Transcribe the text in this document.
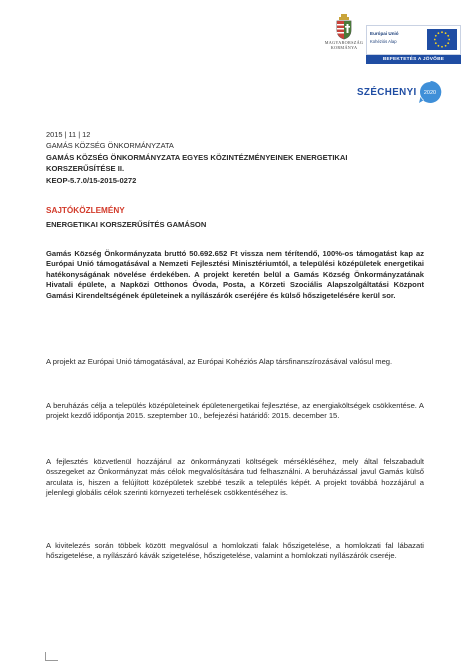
MAGYARORSZÁG
KORMÁNYA
Európai Unió
Kohéziós Alap
BEFEKTETÉS A JÖVŐBE
SZÉCHENYI 2020

2015 | 11 | 12

GAMÁS KÖZSÉG ÖNKORMÁNYZATA

GAMÁS KÖZSÉG ÖNKORMÁNYZATA EGYES KÖZINTÉZMÉNYEINEK ENERGETIKAI

KORSZERŰSÍTÉSE II.

KEOP-5.7.0/15-2015-0272

SAJTÓKÖZLEMÉNY

ENERGETIKAI KORSZERŰSÍTÉS GAMÁSON

Gamás Község Önkormányzata bruttó 50.692.652 Ft vissza nem térítendő, 100%-os támogatást kap az Európai Unió támogatásával a Nemzeti Fejlesztési Minisztériumtól, a települési középületek energetikai hatékonyságának növelése érdekében. A projekt keretén belül a Gamás Község Önkormányzatának Hivatali épülete, a Napközi Otthonos Óvoda, Posta, a Körzeti Szociális Alapszolgáltatási Központ Gamási Kirendeltségének épületeinek a nyílászárók cseréjére és külső hőszigetelésére kerül sor.

A projekt az Európai Unió támogatásával, az Európai Kohéziós Alap társfinanszírozásával valósul meg.

A beruházás célja a település középületeinek épületenergetikai fejlesztése, az energiaköltségek csökkentése. A projekt kezdő időpontja 2015. szeptember 10., befejezési határidő: 2015. december 15.

A fejlesztés közvetlenül hozzájárul az önkormányzati költségek mérsékléséhez, mely által felszabadult összegeket az Önkormányzat más célok megvalósítására tud felhasználni. A beruházással javul Gamás külső arculata is, hiszen a felújított középületek szebbé teszik a település képét. A projekt továbbá hozzájárul a jelenlegi globális célok szerinti környezeti terhelések csökkentéséhez is.

A kivitelezés során többek között megvalósul a homlokzati falak hőszigetelése, a homlokzati fal lábazati hőszigetelése, a nyílászáró kávák szigetelése, hőszigetelése, valamint a homlokzati nyílászárók cseréje.
